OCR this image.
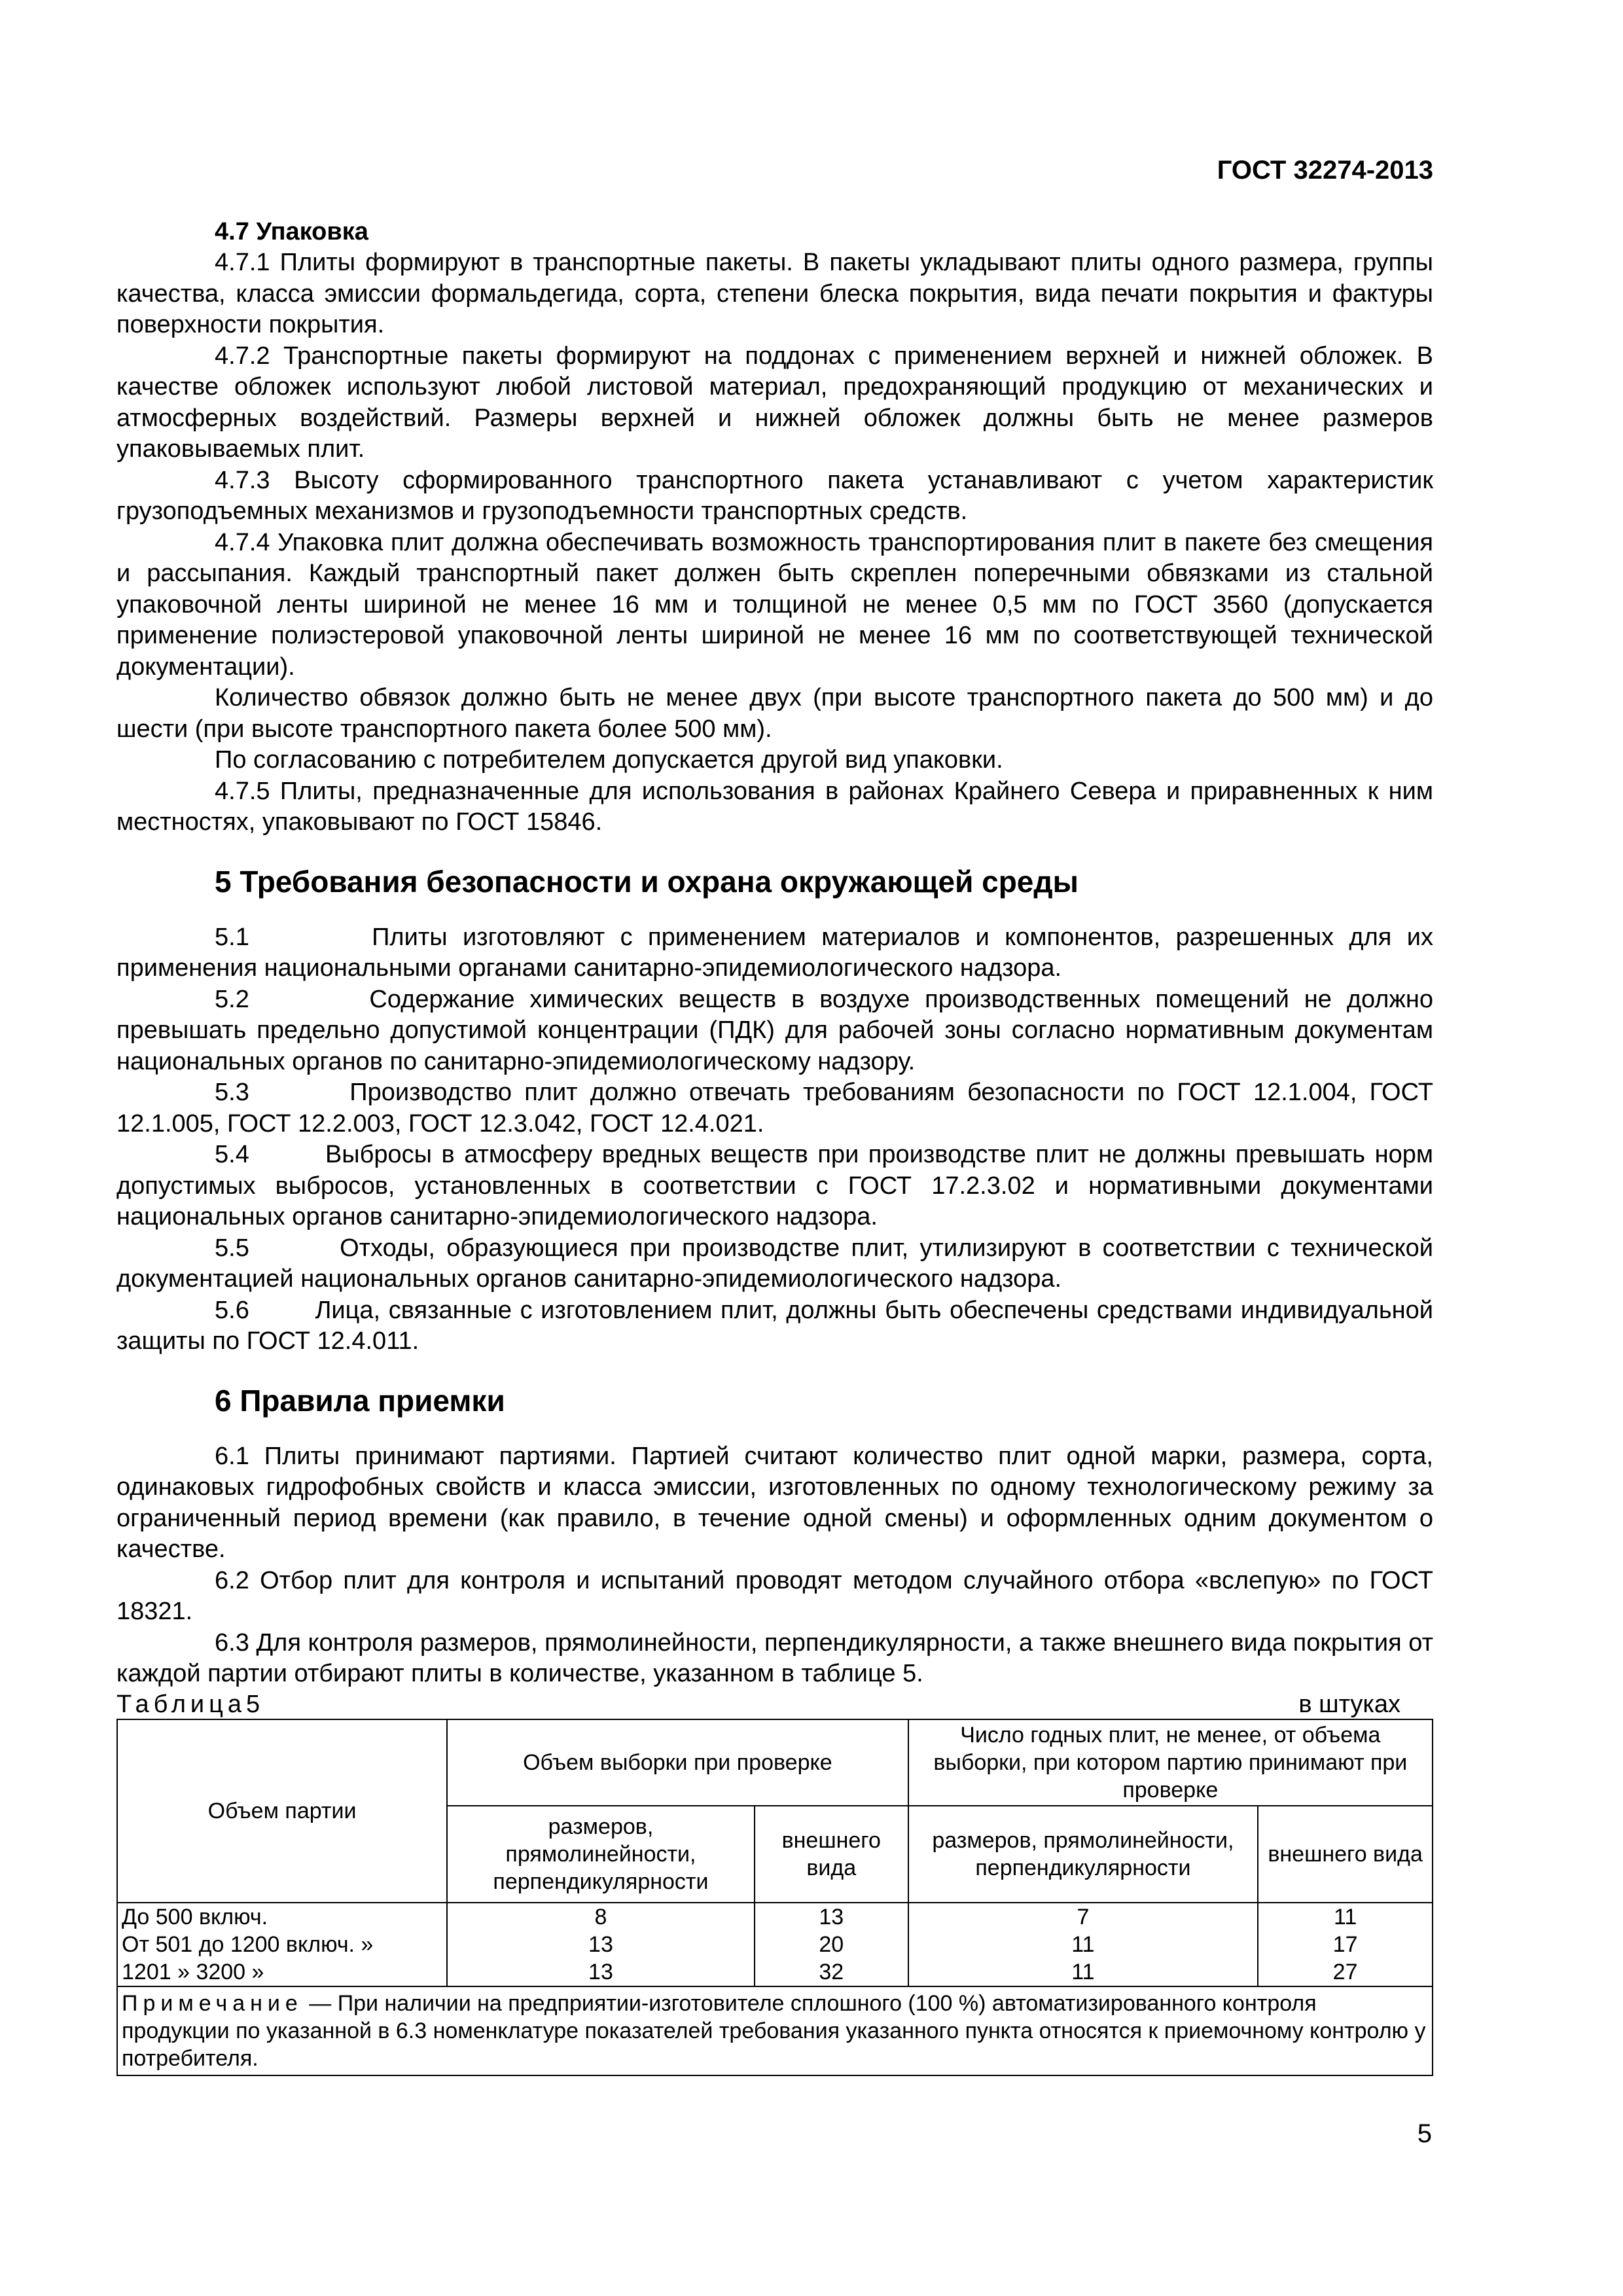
ГОСТ 32274-2013
4.7 Упаковка

4.7.1 Плиты формируют в транспортные пакеты. В пакеты укладывают плиты одного размера, группы качества, класса эмиссии формальдегида, сорта, степени блеска покрытия, вида печати покрытия и фактуры поверхности покрытия.

4.7.2 Транспортные пакеты формируют на поддонах с применением верхней и нижней обложек. В качестве обложек используют любой листовой материал, предохраняющий продукцию от механических и атмосферных воздействий. Размеры верхней и нижней обложек должны быть не менее размеров упаковываемых плит.

4.7.3 Высоту сформированного транспортного пакета устанавливают с учетом характеристик грузоподъемных механизмов и грузоподъемности транспортных средств.

4.7.4 Упаковка плит должна обеспечивать возможность транспортирования плит в пакете без смещения и рассыпания. Каждый транспортный пакет должен быть скреплен поперечными обвязками из стальной упаковочной ленты шириной не менее 16 мм и толщиной не менее 0,5 мм по ГОСТ 3560 (допускается применение полиэстеровой упаковочной ленты шириной не менее 16 мм по соответствующей технической документации).

Количество обвязок должно быть не менее двух (при высоте транспортного пакета до 500 мм) и до шести (при высоте транспортного пакета более 500 мм).

По согласованию с потребителем допускается другой вид упаковки.

4.7.5 Плиты, предназначенные для использования в районах Крайнего Севера и приравненных к ним местностях, упаковывают по ГОСТ 15846.

5 Требования безопасности и охрана окружающей среды

5.1        Плиты изготовляют с применением материалов и компонентов, разрешенных для их применения национальными органами санитарно-эпидемиологического надзора.

5.2        Содержание химических веществ в воздухе производственных помещений не должно превышать предельно допустимой концентрации (ПДК) для рабочей зоны согласно нормативным документам национальных органов по санитарно-эпидемиологическому надзору.

5.3        Производство плит должно отвечать требованиям безопасности по ГОСТ 12.1.004, ГОСТ 12.1.005, ГОСТ 12.2.003, ГОСТ 12.3.042, ГОСТ 12.4.021.

5.4        Выбросы в атмосферу вредных веществ при производстве плит не должны превышать норм допустимых выбросов, установленных в соответствии с ГОСТ 17.2.3.02 и нормативными документами национальных органов санитарно-эпидемиологического надзора.

5.5        Отходы, образующиеся при производстве плит, утилизируют в соответствии с технической документацией национальных органов санитарно-эпидемиологического надзора.

5.6        Лица, связанные с изготовлением плит, должны быть обеспечены средствами индивидуальной защиты по ГОСТ 12.4.011.

6 Правила приемки

6.1 Плиты принимают партиями. Партией считают количество плит одной марки, размера, сорта, одинаковых гидрофобных свойств и класса эмиссии, изготовленных по одному технологическому режиму за ограниченный период времени (как правило, в течение одной смены) и оформленных одним документом о качестве.

6.2 Отбор плит для контроля и испытаний проводят методом случайного отбора «вслепую» по ГОСТ 18321.

6.3 Для контроля размеров, прямолинейности, перпендикулярности, а также внешнего вида покрытия от каждой партии отбирают плиты в количестве, указанном в таблице 5.

Таблица5	в штуках
Объем партии	Объем выборки при проверке		Число годных плит, не менее, от объема выборки, при котором партию принимают при проверке	
	размеров, прямолинейности, перпендикулярности	внешнего вида	размеров, прямолинейности, перпендикулярности	внешнего вида
До 500 включ.	8	13	7	11
От 501 до 1200 включ. »	13	20	11	17
1201 » 3200 »	13	32	11	27
Примечание — При наличии на предприятии-изготовителе сплошного (100 %) автоматизированного контроля продукции по указанной в 6.3 номенклатуре показателей требования указанного пункта относятся к приемочному контролю у потребителя.				
5
